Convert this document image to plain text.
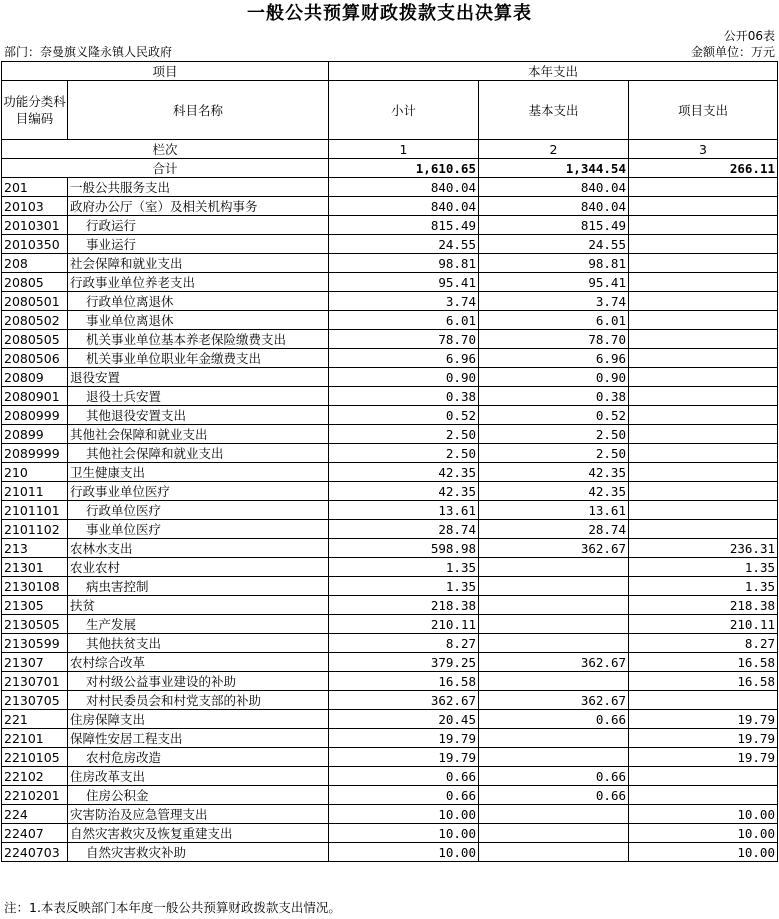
一般公共预算财政拨款支出决算表
公开06表
部门：奈曼旗义隆永镇人民政府	金额单位：万元
项目		本年支出		
功能分类科目编码	科目名称	小计	基本支出	项目支出
栏次		1	2	3
合计		1,610.65	1,344.54	266.11
201	一般公共服务支出	840.04	840.04	
20103	政府办公厅（室）及相关机构事务	840.04	840.04	
2010301	行政运行	815.49	815.49	
2010350	事业运行	24.55	24.55	
208	社会保障和就业支出	98.81	98.81	
20805	行政事业单位养老支出	95.41	95.41	
2080501	行政单位离退休	3.74	3.74	
2080502	事业单位离退休	6.01	6.01	
2080505	机关事业单位基本养老保险缴费支出	78.70	78.70	
2080506	机关事业单位职业年金缴费支出	6.96	6.96	
20809	退役安置	0.90	0.90	
2080901	退役士兵安置	0.38	0.38	
2080999	其他退役安置支出	0.52	0.52	
20899	其他社会保障和就业支出	2.50	2.50	
2089999	其他社会保障和就业支出	2.50	2.50	
210	卫生健康支出	42.35	42.35	
21011	行政事业单位医疗	42.35	42.35	
2101101	行政单位医疗	13.61	13.61	
2101102	事业单位医疗	28.74	28.74	
213	农林水支出	598.98	362.67	236.31
21301	农业农村	1.35		1.35
2130108	病虫害控制	1.35		1.35
21305	扶贫	218.38		218.38
2130505	生产发展	210.11		210.11
2130599	其他扶贫支出	8.27		8.27
21307	农村综合改革	379.25	362.67	16.58
2130701	对村级公益事业建设的补助	16.58		16.58
2130705	对村民委员会和村党支部的补助	362.67	362.67	
221	住房保障支出	20.45	0.66	19.79
22101	保障性安居工程支出	19.79		19.79
2210105	农村危房改造	19.79		19.79
22102	住房改革支出	0.66	0.66	
2210201	住房公积金	0.66	0.66	
224	灾害防治及应急管理支出	10.00		10.00
22407	自然灾害救灾及恢复重建支出	10.00		10.00
2240703	自然灾害救灾补助	10.00		10.00
注：1.本表反映部门本年度一般公共预算财政拨款支出情况。
